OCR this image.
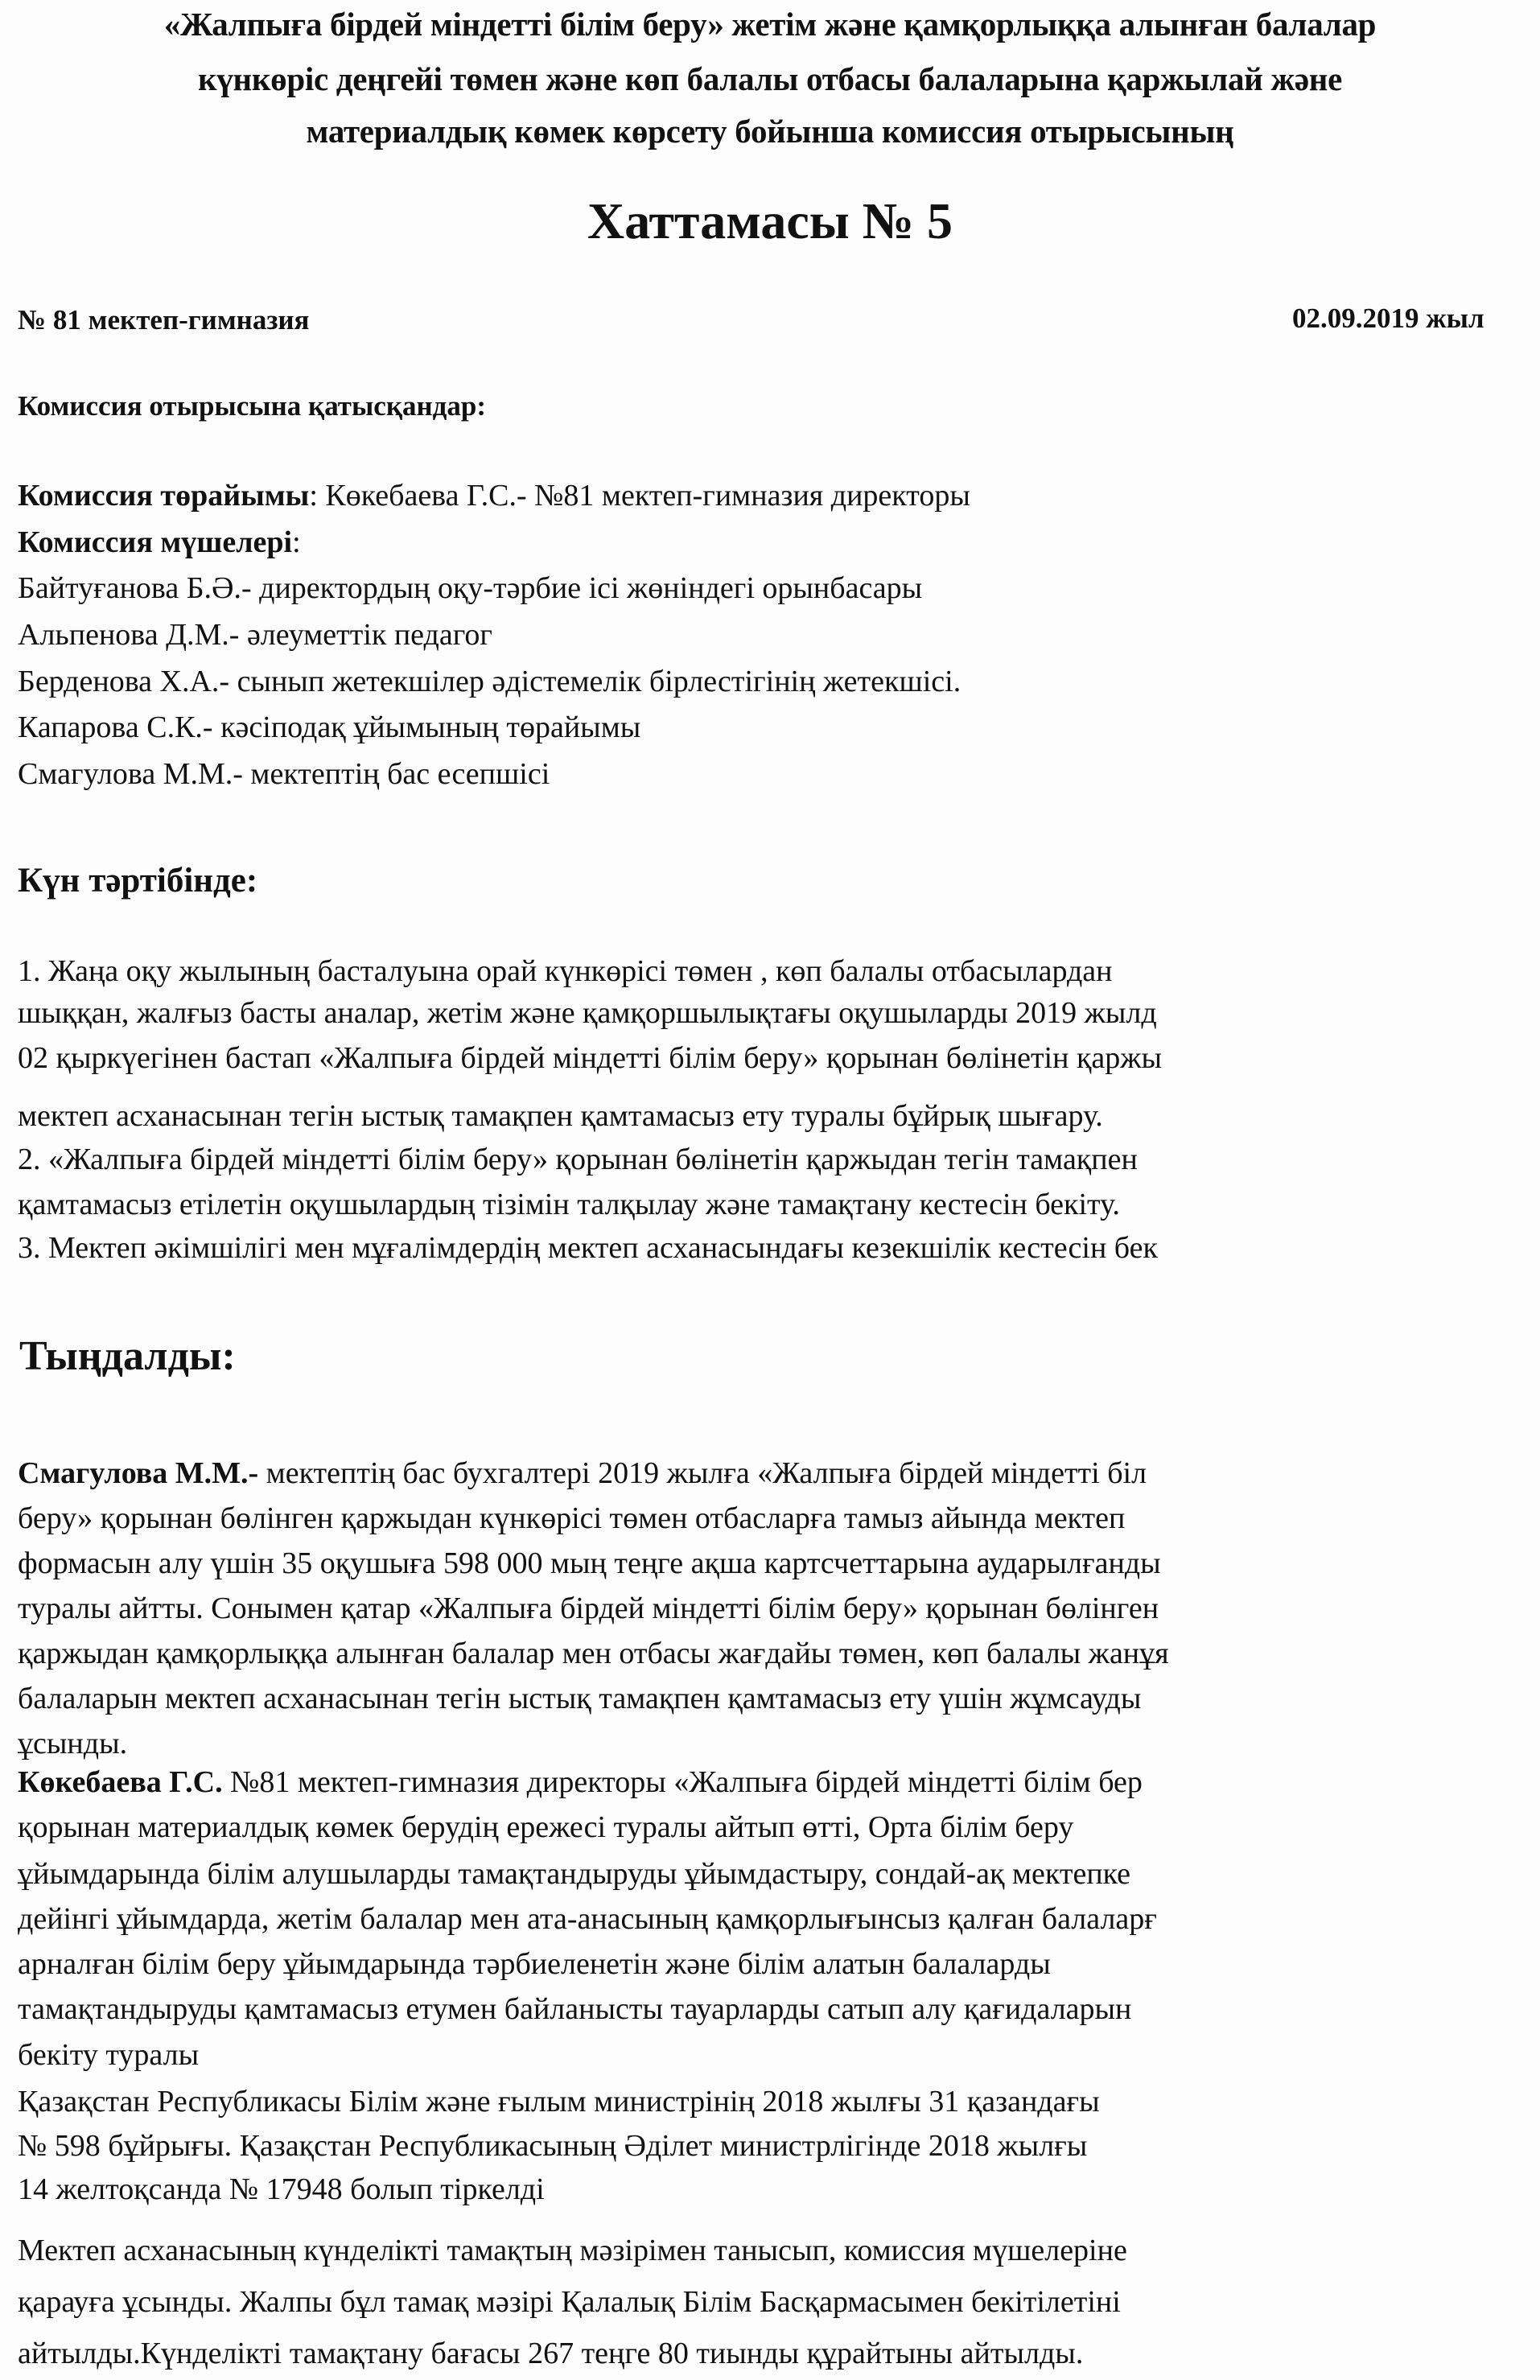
«Жалпыға бірдей міндетті білім беру» жетім және қамқорлыққа алынған балалар
күнкөріс деңгейі төмен және көп балалы отбасы балаларына қаржылай және
материалдық көмек көрсету бойынша комиссия отырысының
Хаттамасы № 5
№ 81 мектеп-гимназия	02.09.2019 жыл
Комиссия отырысына қатысқандар:
Комиссия төрайымы: Көкебаева Г.С.- №81 мектеп-гимназия директоры
Комиссия мүшелері:
Байтуғанова Б.Ә.- директордың оқу-тәрбие ісі жөніндегі орынбасары
Альпенова Д.М.- әлеуметтік педагог
Берденова Х.А.- сынып жетекшілер әдістемелік бірлестігінің жетекшісі.
Капарова С.К.- кәсіподақ ұйымының төрайымы
Смагулова М.М.- мектептің бас есепшісі
Күн тәртібінде:
1. Жаңа оқу жылының басталуына орай күнкөрісі төмен , көп балалы отбасылардан
шыққан, жалғыз басты аналар, жетім және қамқоршылықтағы оқушыларды 2019 жылд
02 қыркүегінен бастап «Жалпыға бірдей міндетті білім беру» қорынан бөлінетін қаржы
мектеп асханасынан тегін ыстық тамақпен қамтамасыз ету туралы бұйрық шығару.
2. «Жалпыға бірдей міндетті білім беру» қорынан бөлінетін қаржыдан тегін тамақпен
қамтамасыз етілетін оқушылардың тізімін талқылау және тамақтану кестесін бекіту.
3. Мектеп әкімшілігі мен мұғалімдердің мектеп асханасындағы кезекшілік кестесін бек
Тыңдалды:
Смагулова М.М.- мектептің бас бухгалтері 2019 жылға «Жалпыға бірдей міндетті біл
беру» қорынан бөлінген қаржыдан күнкөрісі төмен отбасларға тамыз айында мектеп
формасын алу үшін 35 оқушыға 598 000 мың теңге ақша картсчеттарына аударылғанды
туралы айтты. Сонымен қатар «Жалпыға бірдей міндетті білім беру» қорынан бөлінген
қаржыдан қамқорлыққа алынған балалар мен отбасы жағдайы төмен, көп балалы жанұя
балаларын мектеп асханасынан тегін ыстық тамақпен қамтамасыз ету үшін жұмсауды
ұсынды.
Көкебаева Г.С. №81 мектеп-гимназия директоры «Жалпыға бірдей міндетті білім бер
қорынан материалдық көмек берудің ережесі туралы айтып өтті, Орта білім беру
ұйымдарында білім алушыларды тамақтандыруды ұйымдастыру, сондай-ақ мектепке
дейінгі ұйымдарда, жетім балалар мен ата-анасының қамқорлығынсыз қалған балаларғ
арналған білім беру ұйымдарында тәрбиеленетін және білім алатын балаларды
тамақтандыруды қамтамасыз етумен байланысты тауарларды сатып алу қағидаларын
бекіту туралы
Қазақстан Республикасы Білім және ғылым министрінің 2018 жылғы 31 қазандағы
№ 598 бұйрығы. Қазақстан Республикасының Әділет министрлігінде 2018 жылғы
14 желтоқсанда № 17948 болып тіркелді
Мектеп асханасының күнделікті тамақтың мәзірімен танысып, комиссия мүшелеріне
қарауға ұсынды. Жалпы бұл тамақ мәзірі Қалалық Білім Басқармасымен бекітілетіні
айтылды.Күнделікті тамақтану бағасы 267 теңге 80 тиынды құрайтыны айтылды.
